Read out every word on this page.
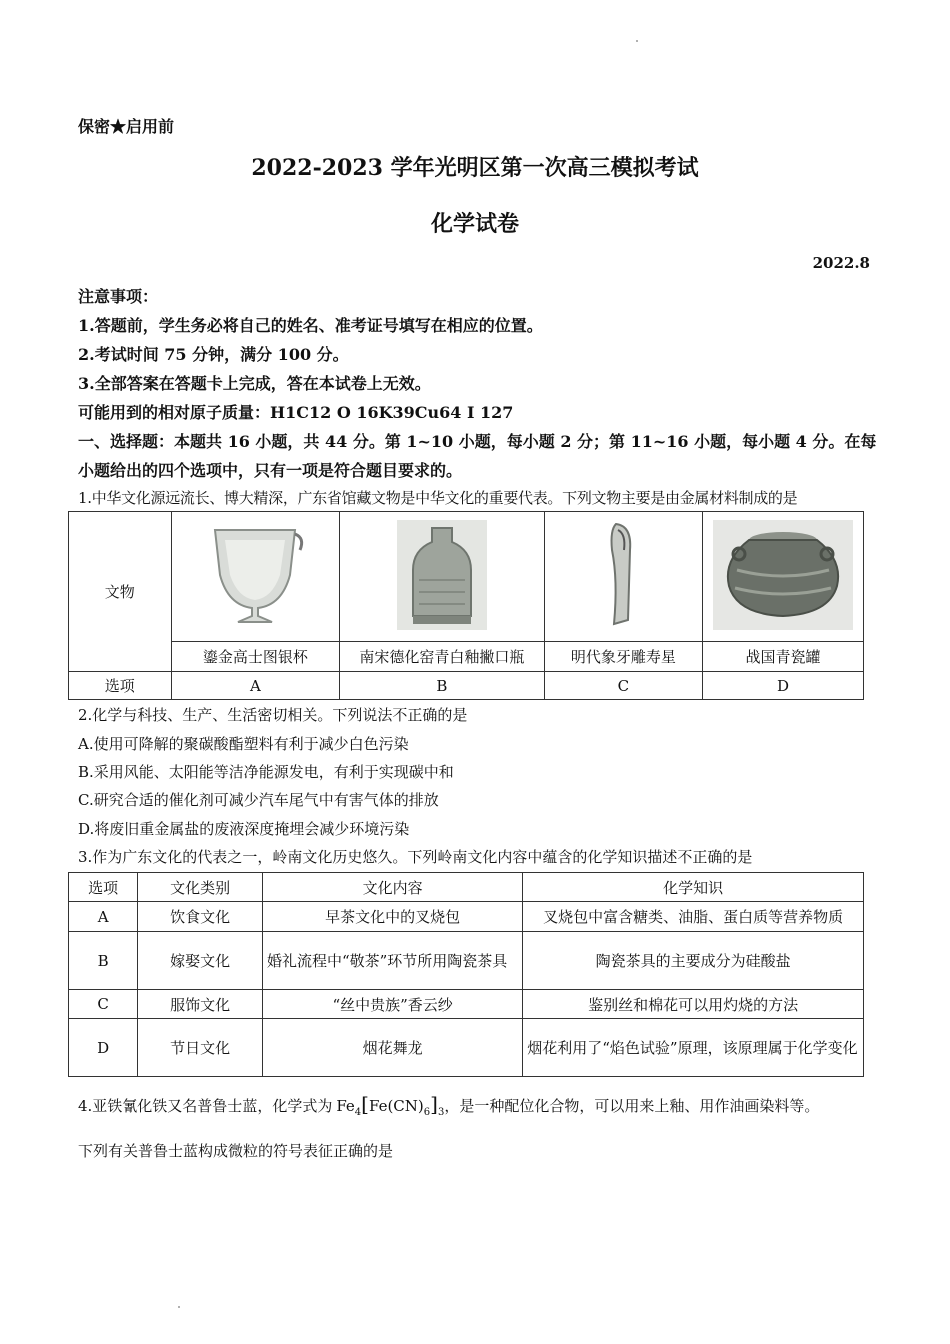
保密★启用前
2022-2023 学年光明区第一次高三模拟考试
化学试卷
2022.8
注意事项：
1.答题前，学生务必将自己的姓名、准考证号填写在相应的位置。
2.考试时间 75 分钟，满分 100 分。
3.全部答案在答题卡上完成，答在本试卷上无效。
可能用到的相对原子质量：H1C12 O 16K39Cu64 I 127
一、选择题：本题共 16 小题，共 44 分。第 1~10 小题，每小题 2 分；第 11~16 小题，每小题 4 分。在每
小题给出的四个选项中，只有一项是符合题目要求的。
1.中华文化源远流长、博大精深，广东省馆藏文物是中华文化的重要代表。下列文物主要是由金属材料制成的是
文物				
	鎏金高士图银杯	南宋德化窑青白釉撇口瓶	明代象牙雕寿星	战国青瓷罐
选项	A	B	C	D
2.化学与科技、生产、生活密切相关。下列说法不正确的是
A.使用可降解的聚碳酸酯塑料有利于减少白色污染
B.采用风能、太阳能等洁净能源发电，有利于实现碳中和
C.研究合适的催化剂可减少汽车尾气中有害气体的排放
D.将废旧重金属盐的废液深度掩埋会减少环境污染
3.作为广东文化的代表之一，岭南文化历史悠久。下列岭南文化内容中蕴含的化学知识描述不正确的是
选项	文化类别	文化内容	化学知识
A	饮食文化	早茶文化中的叉烧包	叉烧包中富含糖类、油脂、蛋白质等营养物质
B	嫁娶文化	婚礼流程中“敬茶”环节所用陶瓷茶具	陶瓷茶具的主要成分为硅酸盐
C	服饰文化	“丝中贵族”香云纱	鉴别丝和棉花可以用灼烧的方法
D	节日文化	烟花舞龙	烟花利用了“焰色试验”原理，该原理属于化学变化
4.亚铁氰化铁又名普鲁士蓝，化学式为 $Fe_4[Fe(CN)_6]_3$ ，是一种配位化合物，可以用来上釉、用作油画染料等。
下列有关普鲁士蓝构成微粒的符号表征正确的是
